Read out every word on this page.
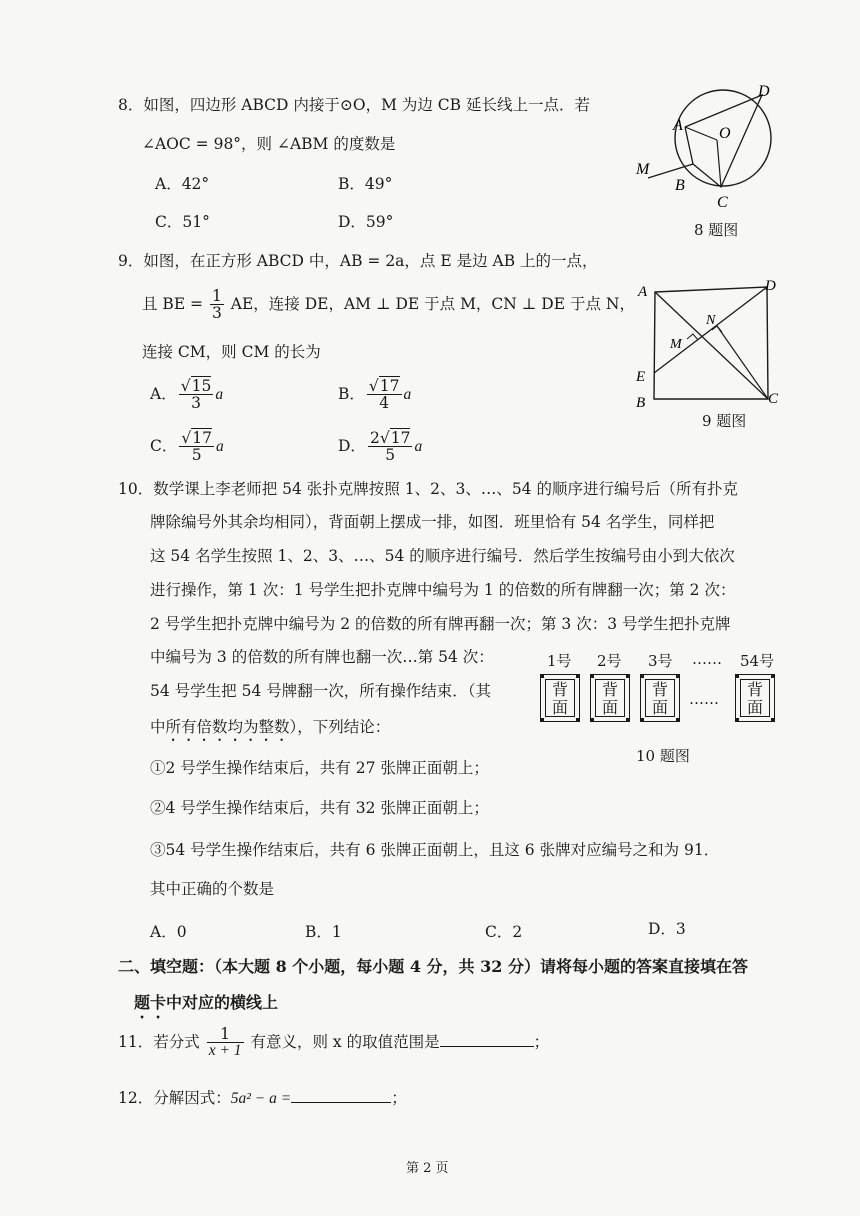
8．如图，四边形 ABCD 内接于⊙O，M 为边 CB 延长线上一点．若
∠AOC = 98°，则 ∠ABM 的度数是
A．42°	B．49°
C．51°	D．59°
A O
D
M
B
C
8 题图
9．如图，在正方形 ABCD 中，AB = 2a，点 E 是边 AB 上的一点，
且 BE = $\frac{1}{3}$ AE，连接 DE，AM ⊥ DE 于点 M，CN ⊥ DE 于点 N，
连接 CM，则 CM 的长为
A． $\frac{√15}{3}$ a	B． $\frac{√17}{4}$ a
C． $\frac{√17}{5}$ a	D． $\frac{2√17}{5}$ a
A	D
N
M
E
B	C
9 题图
10．数学课上李老师把 54 张扑克牌按照 1、2、3、…、54 的顺序进行编号后（所有扑克
牌除编号外其余均相同），背面朝上摆成一排，如图．班里恰有 54 名学生，同样把
这 54 名学生按照 1、2、3、…、54 的顺序进行编号．然后学生按编号由小到大依次
进行操作，第 1 次：1 号学生把扑克牌中编号为 1 的倍数的所有牌翻一次；第 2 次：
2 号学生把扑克牌中编号为 2 的倍数的所有牌再翻一次；第 3 次：3 号学生把扑克牌
中编号为 3 的倍数的所有牌也翻一次…第 54 次：
54 号学生把 54 号牌翻一次，所有操作结束．（其
中所有倍数均为整数），下列结论：
1号 2号 3号 …… 54号
背
面
背
面
背
面	……	背
面
10 题图
①2 号学生操作结束后，共有 27 张牌正面朝上；
②4 号学生操作结束后，共有 32 张牌正面朝上；
③54 号学生操作结束后，共有 6 张牌正面朝上，且这 6 张牌对应编号之和为 91．
其中正确的个数是
A．0	B．1	C．2	D．3
二、填空题：（本大题 8 个小题，每小题 4 分，共 32 分）请将每小题的答案直接填在答
题卡中对应的横线上
11．若分式 $\frac{1}{x + 1}$ 有意义，则 x 的取值范围是	；
12．分解因式：5a² − a =	；
第 2 页
